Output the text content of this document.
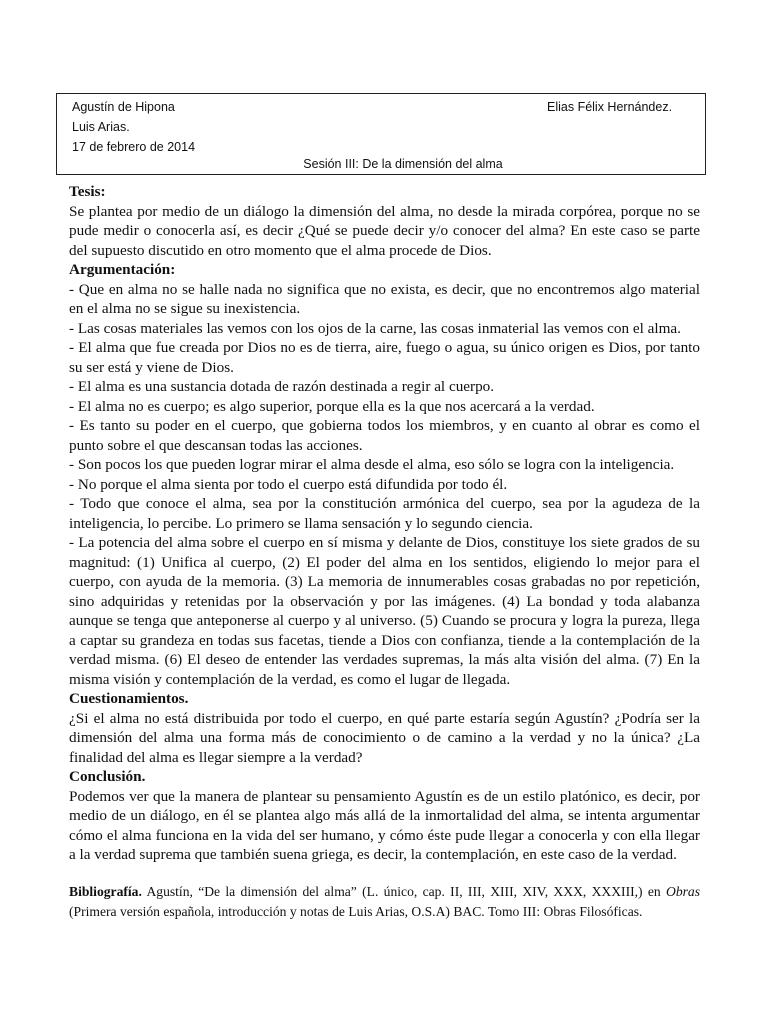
Agustín de Hipona
Luis Arias.
17 de febrero de 2014
Elias Félix Hernández.
Sesión III: De la dimensión del alma
Tesis:

Se plantea por medio de un diálogo la dimensión del alma, no desde la mirada corpórea, porque no se pude medir o conocerla así, es decir ¿Qué se puede decir y/o conocer del alma? En este caso se parte del supuesto discutido en otro momento que el alma procede de Dios.

Argumentación:

- Que en alma no se halle nada no significa que no exista, es decir, que no encontremos algo material en el alma no se sigue su inexistencia.

- Las cosas materiales las vemos con los ojos de la carne, las cosas inmaterial las vemos con el alma.

- El alma que fue creada por Dios no es de tierra, aire, fuego o agua, su único origen es Dios, por tanto su ser está y viene de Dios.

- El alma es una sustancia dotada de razón destinada a regir al cuerpo.

- El alma no es cuerpo; es algo superior, porque ella es la que nos acercará a la verdad.

- Es tanto su poder en el cuerpo, que gobierna todos los miembros, y en cuanto al obrar es como el punto sobre el que descansan todas las acciones.

- Son pocos los que pueden lograr mirar el alma desde el alma, eso sólo se logra con la inteligencia.

- No porque el alma sienta por todo el cuerpo está difundida por todo él.

- Todo que conoce el alma, sea por la constitución armónica del cuerpo, sea por la agudeza de la inteligencia, lo percibe. Lo primero se llama sensación y lo segundo ciencia.

- La potencia del alma sobre el cuerpo en sí misma y delante de Dios, constituye los siete grados de su magnitud: (1) Unifica al cuerpo, (2) El poder del alma en los sentidos, eligiendo lo mejor para el cuerpo, con ayuda de la memoria. (3) La memoria de innumerables cosas grabadas no por repetición, sino adquiridas y retenidas por la observación y por las imágenes. (4) La bondad y toda alabanza aunque se tenga que anteponerse al cuerpo y al universo. (5) Cuando se procura y logra la pureza, llega a captar su grandeza en todas sus facetas, tiende a Dios con confianza, tiende a la contemplación de la verdad misma. (6) El deseo de entender las verdades supremas, la más alta visión del alma. (7) En la misma visión y contemplación de la verdad, es como el lugar de llegada.

Cuestionamientos.

¿Si el alma no está distribuida por todo el cuerpo, en qué parte estaría según Agustín? ¿Podría ser la dimensión del alma una forma más de conocimiento o de camino a la verdad y no la única? ¿La finalidad del alma es llegar siempre a la verdad?

Conclusión.

Podemos ver que la manera de plantear su pensamiento Agustín es de un estilo platónico, es decir, por medio de un diálogo, en él se plantea algo más allá de la inmortalidad del alma, se intenta argumentar cómo el alma funciona en la vida del ser humano, y cómo éste pude llegar a conocerla y con ella llegar a la verdad suprema que también suena griega, es decir, la contemplación, en este caso de la verdad.

Bibliografía. Agustín, “De la dimensión del alma” (L. único, cap. II, III, XIII, XIV, XXX, XXXIII,) en Obras (Primera versión española, introducción y notas de Luis Arias, O.S.A) BAC. Tomo III: Obras Filosóficas.
